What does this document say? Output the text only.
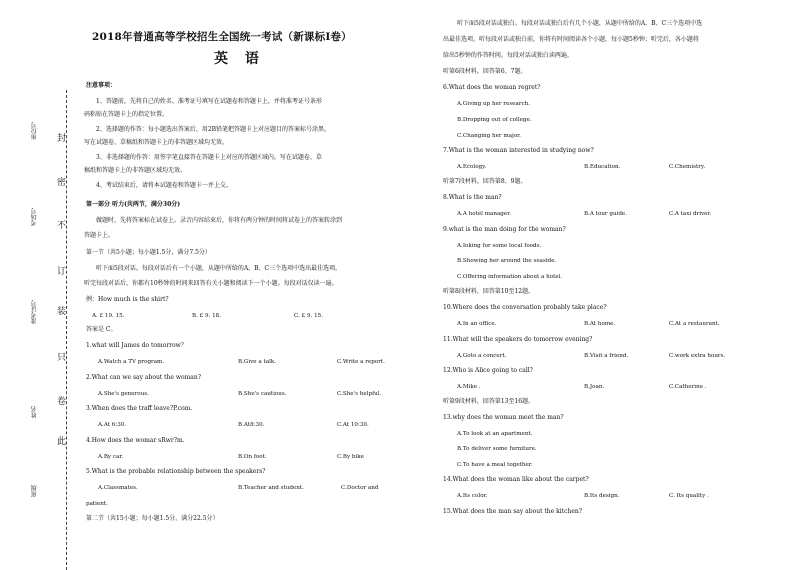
封
密
不
订
装
只
卷
此
座位号
考场号
准考证号
姓名
班级
2018年普通高等学校招生全国统一考试（新课标Ⅰ卷）
英 语
注意事项：
1、答题前，先将自己的姓名、准考证号填写在试题卷和答题卡上，并将准考证号条形
码粘贴在答题卡上的指定位置。
2、选择题的作答：每小题选出答案后，用2B铅笔把答题卡上对应题目的答案标号涂黑，
写在试题卷、草稿纸和答题卡上的非答题区域均无效。
3、非选择题的作答：用签字笔直接答在答题卡上对应的答题区域内。写在试题卷、草
稿纸和答题卡上的非答题区域均无效。
4、考试结束后，请将本试题卷和答题卡一并上交。
第一部分 听力(共两节，满分30分)
做题时，先将答案标在试卷上。录音内容结束后，你将有两分钟的时间将试卷上的答案转涂到
答题卡上。
第一节（共5小题；每小题1.5分，满分7.5分）
听下面5段对话。每段对话后有一个小题，从题中所给的A、B、C三个选项中选出最佳选项。
听完每段对话后，你都有10秒钟的时间来回答有关小题和阅读下一个小题。每段对话仅读一遍。
例：How much is the shirt?
A. £ 19. 15.	B. £ 9. 18.	C. £ 9. 15.
答案是 C。
1.what will James do tomorrow？
A.Watch a TV program.	B.Give a talk.	C.Write a report.
2.What can we say about the woman?
A.She's generous.	B.She's cautious.	C.She's helpful.
3.When does the traff leave?P.com.
A.At 6:30.	B.At8:30.	C.At 10:30.
4.How does the womar sRwr?m.
A.By car.	B.On foot.	C.By bike
5.What is the probable relationship between the speakers?
A.Classmates.	B.Teacher and student.	C.Doctor and
patient.
第二节（共15小题；每小题1.5分，满分22.5分）
听下面5段对话或独白。每段对话或独白后有几个小题，从题中所给的A、B、C三个选项中选
出最佳选项。听每段对话或独白前，你将有时间阅读各个小题，每小题5秒钟；听完后，各小题将
给出5秒钟的作答时间。每段对话或独白读两遍。
听第6段材料，回答第6、7题。
6.What does the woman regret?
A.Giving up her research.
B.Dropping out of college.
C.Changing her major.
7.What is the woman interested in studying now?
A.Ecology.	B.Education.	C.Chemistry.
听第7段材料，回答第8、9题。
8.What is the man?
A.A hotel manager.	B.A tour guide.	C.A taxi driver.
9.what is the man doing for the woman?
A.Ioking for some local foods.
B.Showing her around the seaside.
C.Offering information about a hotel.
听第8段材料，回答第10至12题。
10.Where does the conversation probably take place?
A.In an office.	B.At home.	C.At a restaurant.
11.What will the speakers do tomorrow evening?
A.Goto a concert.	B.Visit a friend.	C.work extra hours.
12.Who is Alice going to call?
A.Mike .	B.Joan.	C.Catherine .
听第9段材料，回答第13至16题。
13.why does the woman meet the man?
A.To look at an apartment.
B.To deliver some furniture.
C.To have a meal together.
14.What does the woman like about the carpet?
A.Its color.	B.Its design.	C. Its quality .
15.What does the man say about the kitchen?
